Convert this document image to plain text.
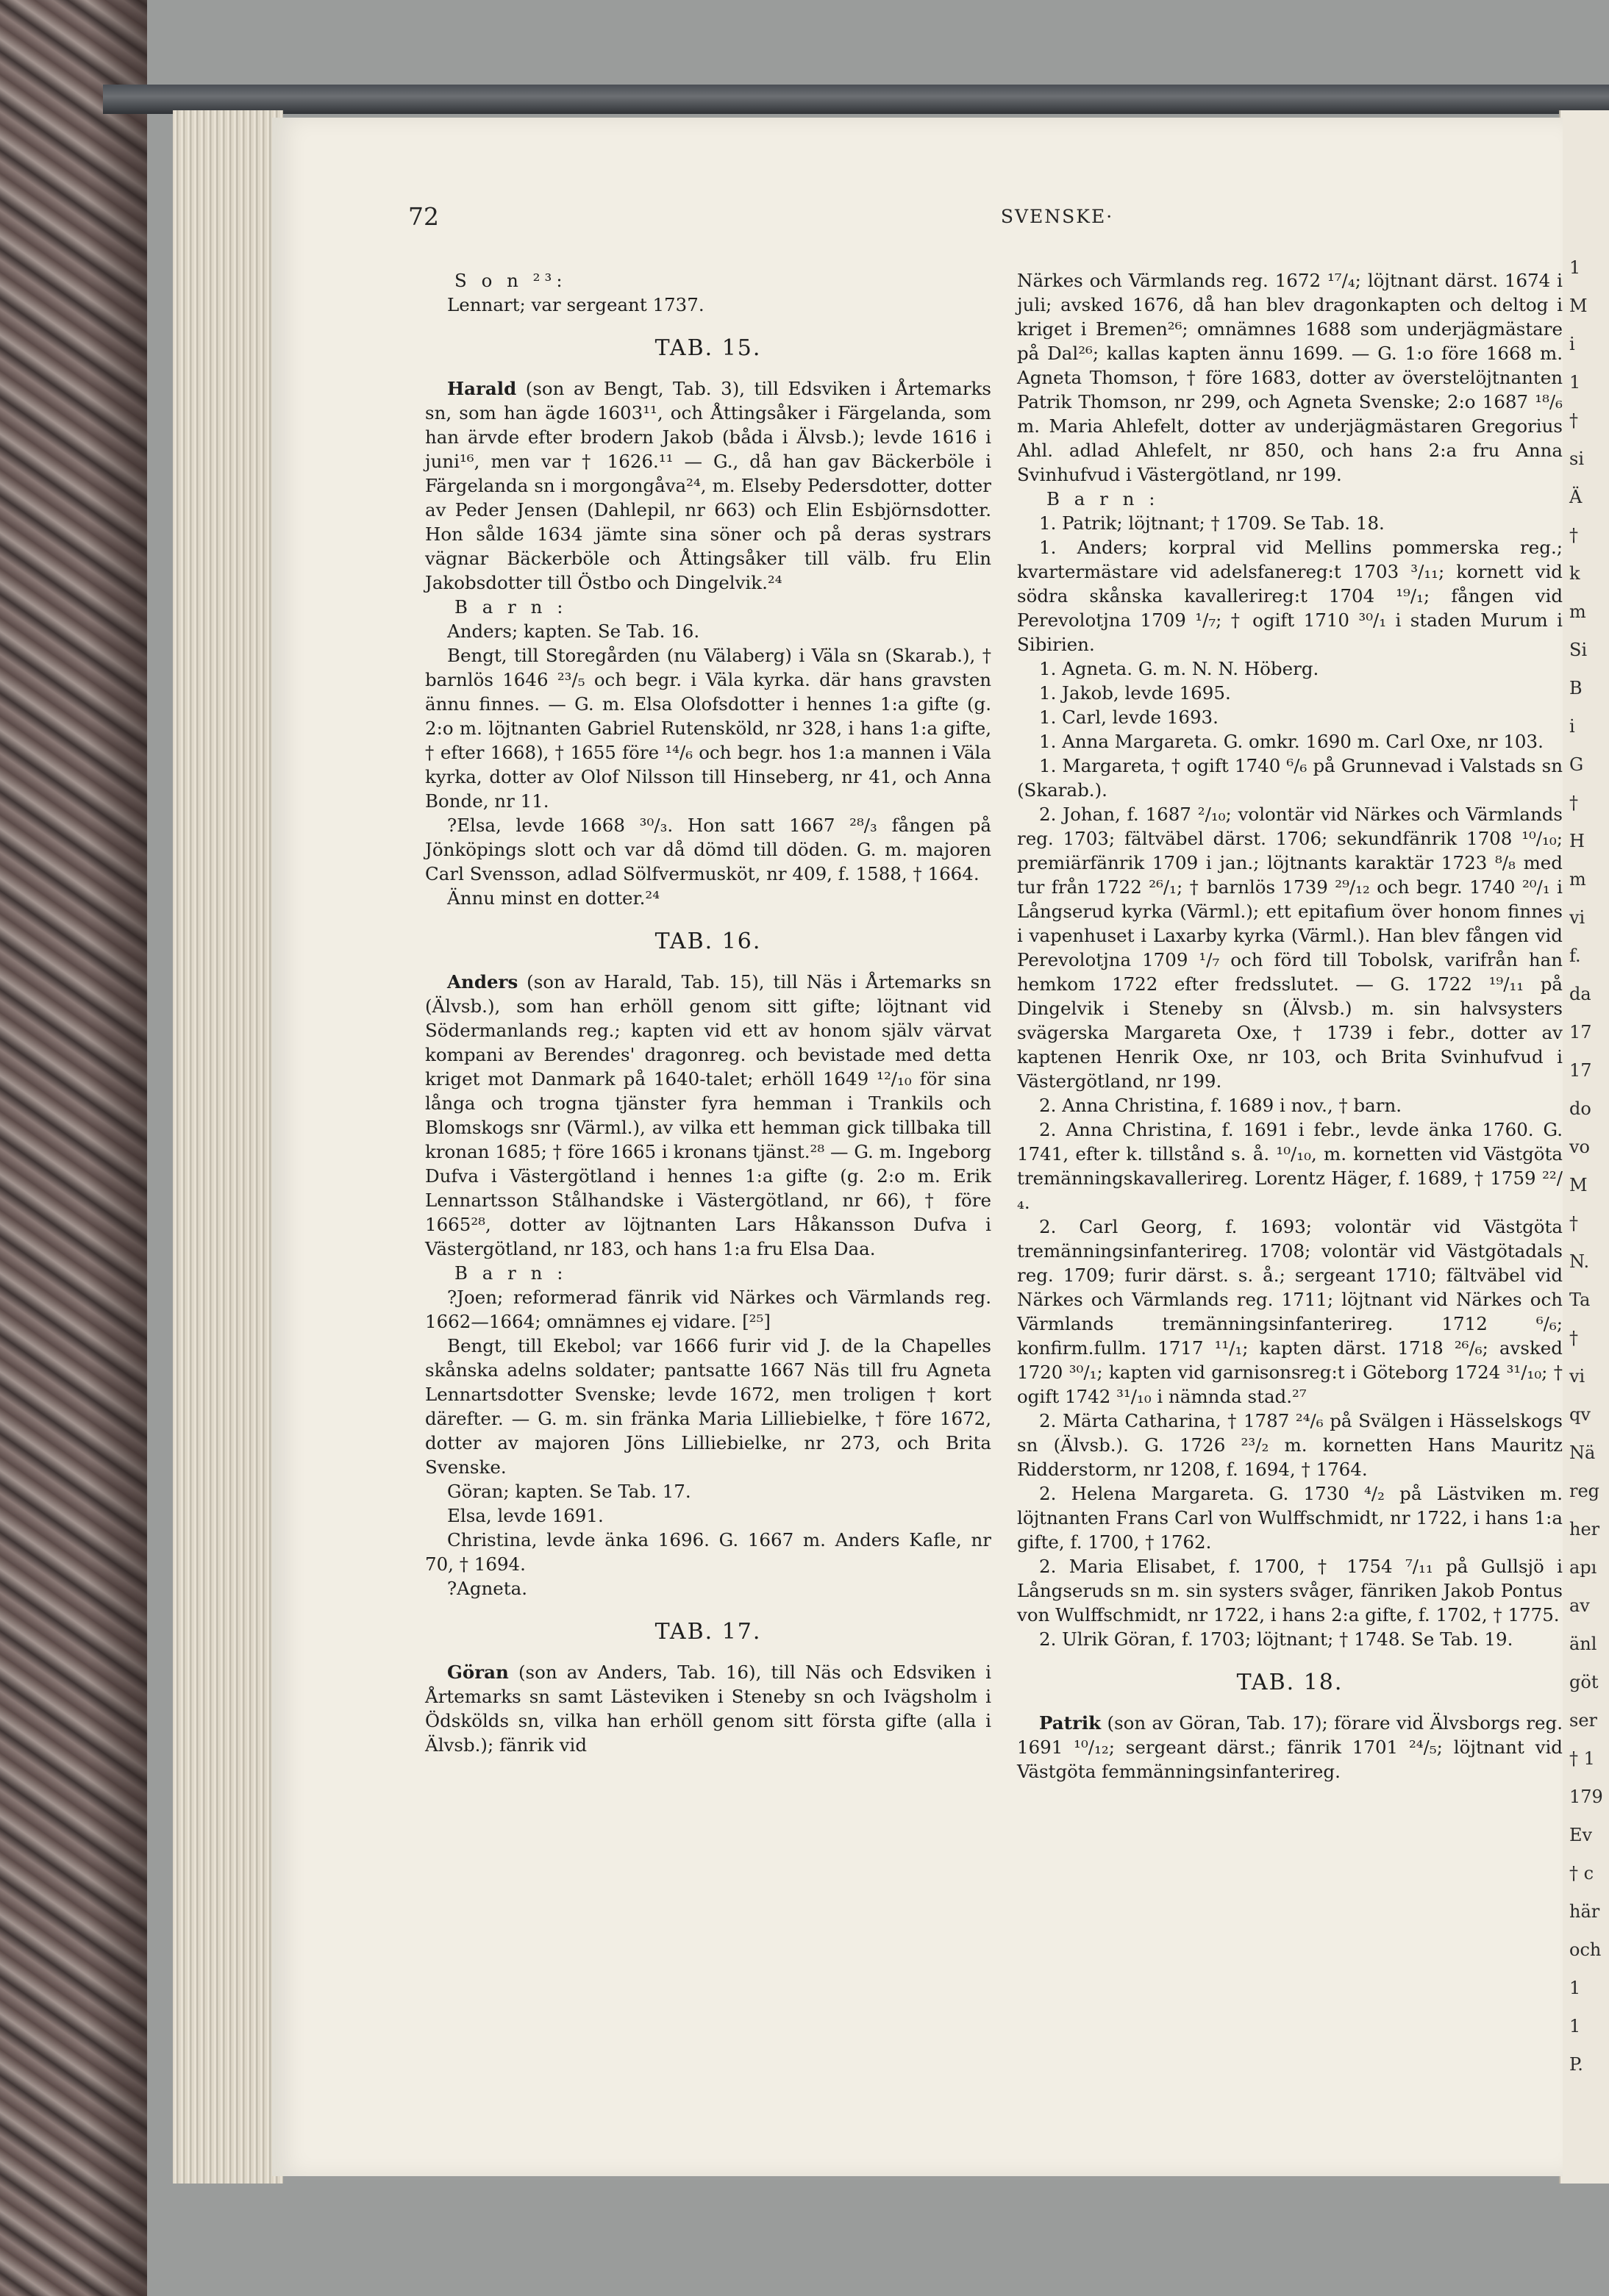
1
M
i
1
†
si
Ä
†
k
m
Si
B
i
G
†
H
m
vi
f.
da
17
17
do
vo
M
†
N.
Ta
†
vi
qv
Nä
reg
her
apı
av
änl
göt
ser
† 1
179
Ev
† c
här
och
1
1
P.
72	SVENSKE·

S o n ²³:

Lennart; var sergeant 1737.

TAB. 15.

Harald (son av Bengt, Tab. 3), till Edsviken i Årtemarks sn, som han ägde 1603¹¹, och Åttingsåker i Färgelanda, som han ärvde efter brodern Jakob (båda i Älvsb.); levde 1616 i juni¹⁶, men var † 1626.¹¹ — G., då han gav Bäckerböle i Färgelanda sn i morgongåva²⁴, m. Elseby Pedersdotter, dotter av Peder Jensen (Dahlepil, nr 663) och Elin Esbjörnsdotter. Hon sålde 1634 jämte sina söner och på deras systrars vägnar Bäckerböle och Åttingsåker till välb. fru Elin Jakobsdotter till Östbo och Dingelvik.²⁴

B a r n :

Anders; kapten. Se Tab. 16.

Bengt, till Storegården (nu Välaberg) i Väla sn (Skarab.), † barnlös 1646 ²³/₅ och begr. i Väla kyrka. där hans gravsten ännu finnes. — G. m. Elsa Olofsdotter i hennes 1:a gifte (g. 2:o m. löjtnanten Gabriel Rutensköld, nr 328, i hans 1:a gifte, † efter 1668), † 1655 före ¹⁴/₆ och begr. hos 1:a mannen i Väla kyrka, dotter av Olof Nilsson till Hinseberg, nr 41, och Anna Bonde, nr 11.

?Elsa, levde 1668 ³⁰/₃. Hon satt 1667 ²⁸/₃ fången på Jönköpings slott och var då dömd till döden. G. m. majoren Carl Svensson, adlad Sölfvermusköt, nr 409, f. 1588, † 1664.

Ännu minst en dotter.²⁴

TAB. 16.

Anders (son av Harald, Tab. 15), till Näs i Årtemarks sn (Älvsb.), som han erhöll genom sitt gifte; löjtnant vid Södermanlands reg.; kapten vid ett av honom själv värvat kompani av Berendes' dragonreg. och bevistade med detta kriget mot Danmark på 1640-talet; erhöll 1649 ¹²/₁₀ för sina långa och trogna tjänster fyra hemman i Trankils och Blomskogs snr (Värml.), av vilka ett hemman gick tillbaka till kronan 1685; † före 1665 i kronans tjänst.²⁸ — G. m. Ingeborg Dufva i Västergötland i hennes 1:a gifte (g. 2:o m. Erik Lennartsson Stålhandske i Västergötland, nr 66), † före 1665²⁸, dotter av löjtnanten Lars Håkansson Dufva i Västergötland, nr 183, och hans 1:a fru Elsa Daa.

B a r n :

?Joen; reformerad fänrik vid Närkes och Värmlands reg. 1662—1664; omnämnes ej vidare. [²⁵]

Bengt, till Ekebol; var 1666 furir vid J. de la Chapelles skånska adelns soldater; pantsatte 1667 Näs till fru Agneta Lennartsdotter Svenske; levde 1672, men troligen † kort därefter. — G. m. sin fränka Maria Lilliebielke, † före 1672, dotter av majoren Jöns Lilliebielke, nr 273, och Brita Svenske.

Göran; kapten. Se Tab. 17.

Elsa, levde 1691.

Christina, levde änka 1696. G. 1667 m. Anders Kafle, nr 70, † 1694.

?Agneta.

TAB. 17.

Göran (son av Anders, Tab. 16), till Näs och Edsviken i Årtemarks sn samt Lästeviken i Steneby sn och Ivägsholm i Ödskölds sn, vilka han erhöll genom sitt första gifte (alla i Älvsb.); fänrik vid

Närkes och Värmlands reg. 1672 ¹⁷/₄; löjtnant därst. 1674 i juli; avsked 1676, då han blev dragonkapten och deltog i kriget i Bremen²⁶; omnämnes 1688 som underjägmästare på Dal²⁶; kallas kapten ännu 1699. — G. 1:o före 1668 m. Agneta Thomson, † före 1683, dotter av överstelöjtnanten Patrik Thomson, nr 299, och Agneta Svenske; 2:o 1687 ¹⁸/₆ m. Maria Ahlefelt, dotter av underjägmästaren Gregorius Ahl. adlad Ahlefelt, nr 850, och hans 2:a fru Anna Svinhufvud i Västergötland, nr 199.

B a r n :

1. Patrik; löjtnant; † 1709. Se Tab. 18.

1. Anders; korpral vid Mellins pommerska reg.; kvartermästare vid adelsfanereg:t 1703 ³/₁₁; kornett vid södra skånska kavallerireg:t 1704 ¹⁹/₁; fången vid Perevolotjna 1709 ¹/₇; † ogift 1710 ³⁰/₁ i staden Murum i Sibirien.

1. Agneta. G. m. N. N. Höberg.

1. Jakob, levde 1695.

1. Carl, levde 1693.

1. Anna Margareta. G. omkr. 1690 m. Carl Oxe, nr 103.

1. Margareta, † ogift 1740 ⁶/₆ på Grunnevad i Valstads sn (Skarab.).

2. Johan, f. 1687 ²/₁₀; volontär vid Närkes och Värmlands reg. 1703; fältväbel därst. 1706; sekundfänrik 1708 ¹⁰/₁₀; premiärfänrik 1709 i jan.; löjtnants karaktär 1723 ⁸/₈ med tur från 1722 ²⁶/₁; † barnlös 1739 ²⁹/₁₂ och begr. 1740 ²⁰/₁ i Långserud kyrka (Värml.); ett epitafium över honom finnes i vapenhuset i Laxarby kyrka (Värml.). Han blev fången vid Perevolotjna 1709 ¹/₇ och förd till Tobolsk, varifrån han hemkom 1722 efter fredsslutet. — G. 1722 ¹⁹/₁₁ på Dingelvik i Steneby sn (Älvsb.) m. sin halvsysters svägerska Margareta Oxe, † 1739 i febr., dotter av kaptenen Henrik Oxe, nr 103, och Brita Svinhufvud i Västergötland, nr 199.

2. Anna Christina, f. 1689 i nov., † barn.

2. Anna Christina, f. 1691 i febr., levde änka 1760. G. 1741, efter k. tillstånd s. å. ¹⁰/₁₀, m. kornetten vid Västgöta tremänningskavallerireg. Lorentz Häger, f. 1689, † 1759 ²²/₄.

2. Carl Georg, f. 1693; volontär vid Västgöta tremänningsinfanterireg. 1708; volontär vid Västgötadals reg. 1709; furir därst. s. å.; sergeant 1710; fältväbel vid Närkes och Värmlands reg. 1711; löjtnant vid Närkes och Värmlands tremänningsinfanterireg. 1712 ⁶/₆; konfirm.fullm. 1717 ¹¹/₁; kapten därst. 1718 ²⁶/₆; avsked 1720 ³⁰/₁; kapten vid garnisonsreg:t i Göteborg 1724 ³¹/₁₀; † ogift 1742 ³¹/₁₀ i nämnda stad.²⁷

2. Märta Catharina, † 1787 ²⁴/₆ på Svälgen i Hässelskogs sn (Älvsb.). G. 1726 ²³/₂ m. kornetten Hans Mauritz Ridderstorm, nr 1208, f. 1694, † 1764.

2. Helena Margareta. G. 1730 ⁴/₂ på Lästviken m. löjtnanten Frans Carl von Wulffschmidt, nr 1722, i hans 1:a gifte, f. 1700, † 1762.

2. Maria Elisabet, f. 1700, † 1754 ⁷/₁₁ på Gullsjö i Långseruds sn m. sin systers svåger, fänriken Jakob Pontus von Wulffschmidt, nr 1722, i hans 2:a gifte, f. 1702, † 1775.

2. Ulrik Göran, f. 1703; löjtnant; † 1748. Se Tab. 19.

TAB. 18.

Patrik (son av Göran, Tab. 17); förare vid Älvsborgs reg. 1691 ¹⁰/₁₂; sergeant därst.; fänrik 1701 ²⁴/₅; löjtnant vid Västgöta femmänningsinfanterireg.
